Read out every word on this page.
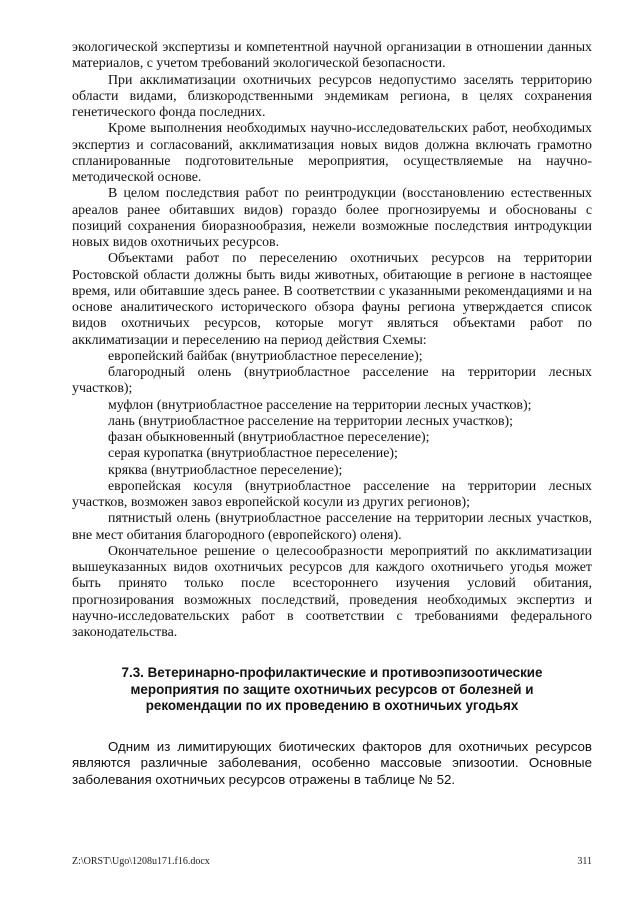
экологической экспертизы и компетентной научной организации в отношении данных материалов, с учетом требований экологической безопасности.

При акклиматизации охотничьих ресурсов недопустимо заселять территорию области видами, близкородственными эндемикам региона, в целях сохранения генетического фонда последних.

Кроме выполнения необходимых научно-исследовательских работ, необходимых экспертиз и согласований, акклиматизация новых видов должна включать грамотно спланированные подготовительные мероприятия, осуществляемые на научно-методической основе.

В целом последствия работ по реинтродукции (восстановлению естественных ареалов ранее обитавших видов) гораздо более прогнозируемы и обоснованы с позиций сохранения биоразнообразия, нежели возможные последствия интродукции новых видов охотничьих ресурсов.

Объектами работ по переселению охотничьих ресурсов на территории Ростовской области должны быть виды животных, обитающие в регионе в настоящее время, или обитавшие здесь ранее. В соответствии с указанными рекомендациями и на основе аналитического исторического обзора фауны региона утверждается список видов охотничьих ресурсов, которые могут являться объектами работ по акклиматизации и переселению на период действия Схемы:

европейский байбак (внутриобластное переселение);

благородный олень (внутриобластное расселение на территории лесных участков);

муфлон (внутриобластное расселение на территории лесных участков);

лань (внутриобластное расселение на территории лесных участков);

фазан обыкновенный (внутриобластное переселение);

серая куропатка (внутриобластное переселение);

кряква (внутриобластное переселение);

европейская косуля (внутриобластное расселение на территории лесных участков, возможен завоз европейской косули из других регионов);

пятнистый олень (внутриобластное расселение на территории лесных участков, вне мест обитания благородного (европейского) оленя).

Окончательное решение о целесообразности мероприятий по акклиматизации вышеуказанных видов охотничьих ресурсов для каждого охотничьего угодья может быть принято только после всестороннего изучения условий обитания, прогнозирования возможных последствий, проведения необходимых экспертиз и научно-исследовательских работ в соответствии с требованиями федерального законодательства.

7.3. Ветеринарно-профилактические и противоэпизоотические
мероприятия по защите охотничьих ресурсов от болезней и
рекомендации по их проведению в охотничьих угодьях

Одним из лимитирующих биотических факторов для охотничьих ресурсов являются различные заболевания, особенно массовые эпизоотии. Основные заболевания охотничьих ресурсов отражены в таблице № 52.

Z:\ORST\Ugo\1208u171.f16.docx	311
